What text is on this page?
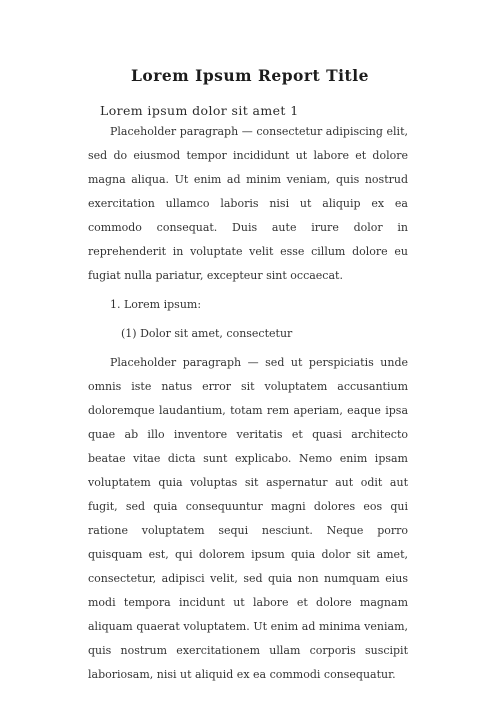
Lorem Ipsum Report Title
Lorem ipsum dolor sit amet 1

Placeholder paragraph — consectetur adipiscing elit, sed do eiusmod tempor incididunt ut labore et dolore magna aliqua. Ut enim ad minim veniam, quis nostrud exercitation ullamco laboris nisi ut aliquip ex ea commodo consequat. Duis aute irure dolor in reprehenderit in voluptate velit esse cillum dolore eu fugiat nulla pariatur, excepteur sint occaecat.

1. Lorem ipsum:

(1) Dolor sit amet, consectetur

Placeholder paragraph — sed ut perspiciatis unde omnis iste natus error sit voluptatem accusantium doloremque laudantium, totam rem aperiam, eaque ipsa quae ab illo inventore veritatis et quasi architecto beatae vitae dicta sunt explicabo. Nemo enim ipsam voluptatem quia voluptas sit aspernatur aut odit aut fugit, sed quia consequuntur magni dolores eos qui ratione voluptatem sequi nesciunt. Neque porro quisquam est, qui dolorem ipsum quia dolor sit amet, consectetur, adipisci velit, sed quia non numquam eius modi tempora incidunt ut labore et dolore magnam aliquam quaerat voluptatem. Ut enim ad minima veniam, quis nostrum exercitationem ullam corporis suscipit laboriosam, nisi ut aliquid ex ea commodi consequatur.
